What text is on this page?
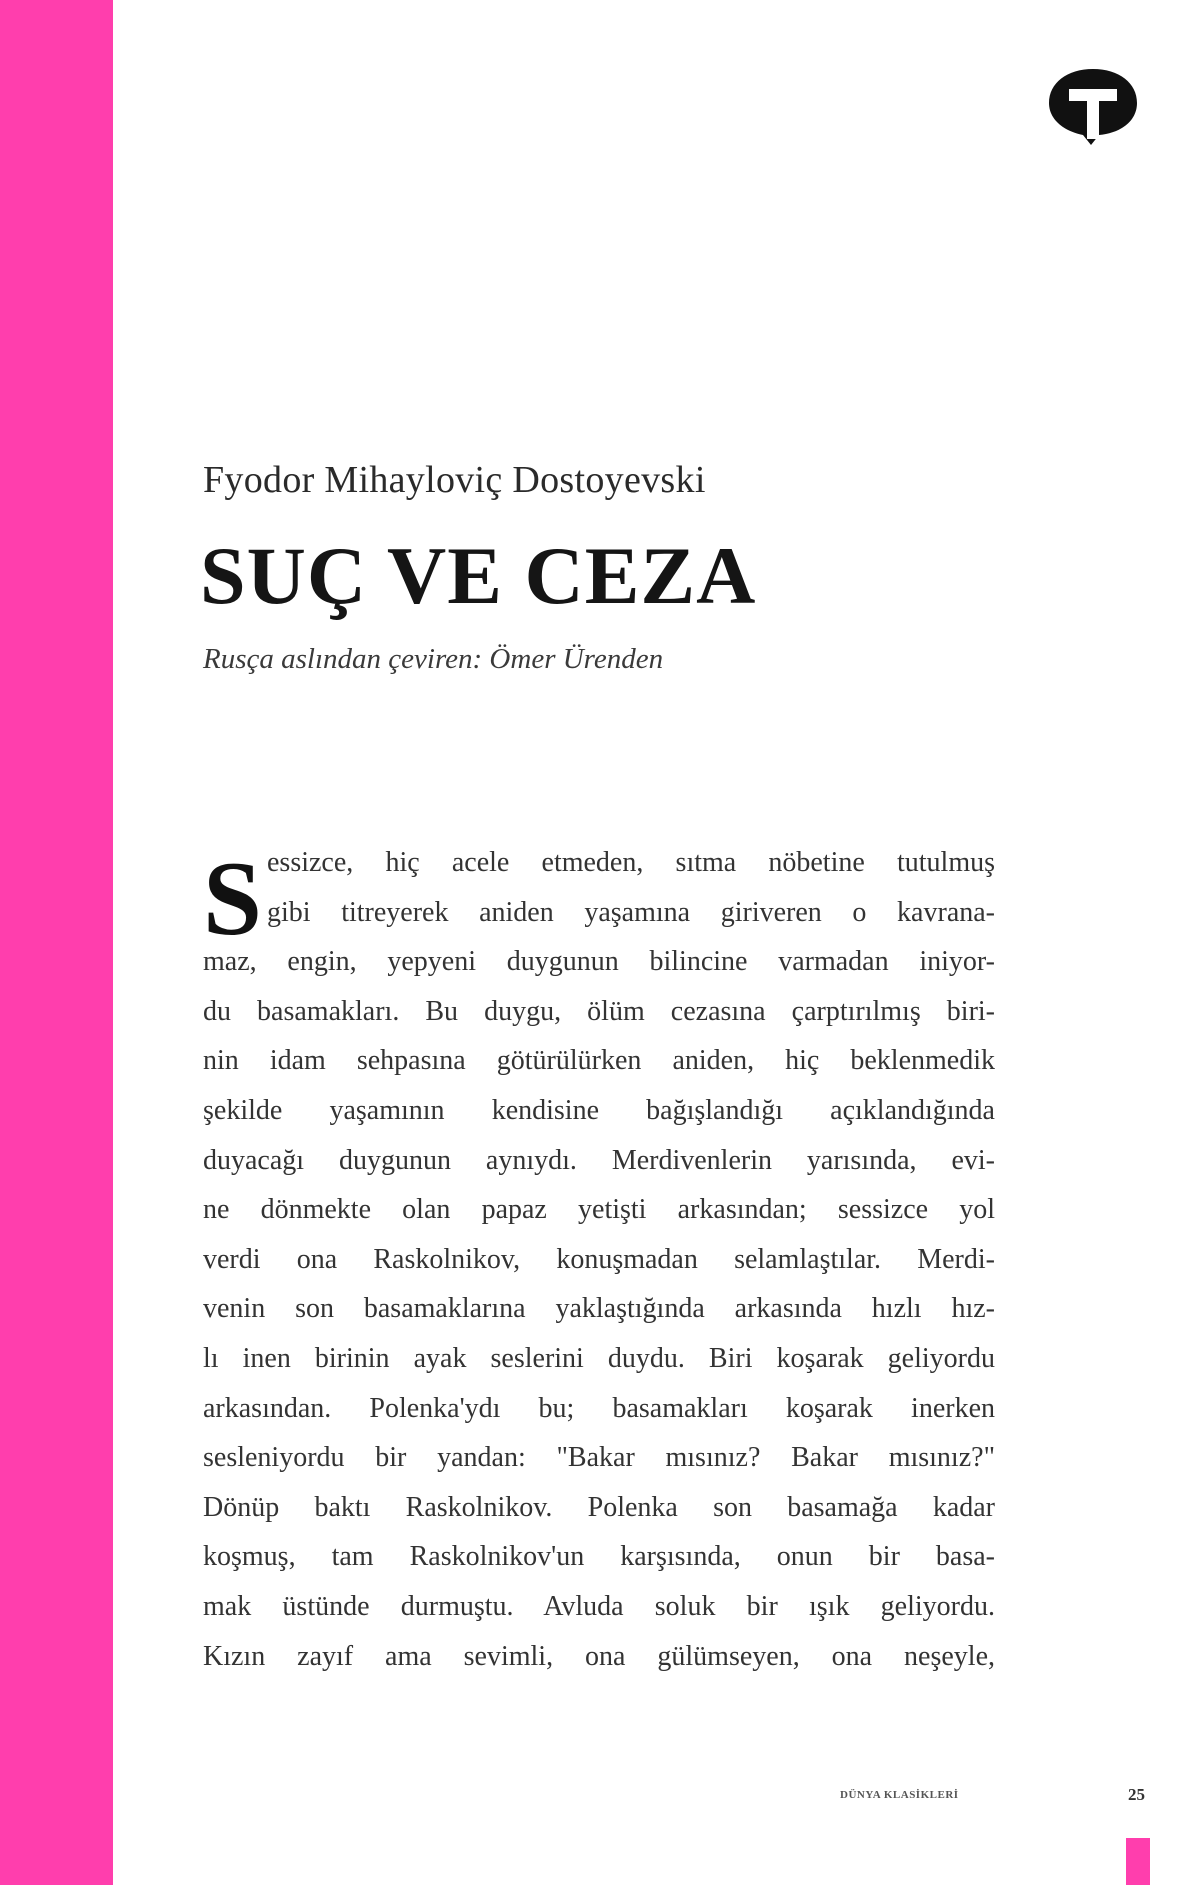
Fyodor Mihayloviç Dostoyevski
SUÇ VE CEZA
Rusça aslından çeviren: Ömer Ürenden
S essizce, hiç acele etmeden, sıtma nöbetine tutulmuş
gibi titreyerek aniden yaşamına giriveren o kavrana-
maz, engin, yepyeni duygunun bilincine varmadan iniyor-
du basamakları. Bu duygu, ölüm cezasına çarptırılmış biri-
nin idam sehpasına götürülürken aniden, hiç beklenmedik
şekilde yaşamının kendisine bağışlandığı açıklandığında
duyacağı duygunun aynıydı. Merdivenlerin yarısında, evi-
ne dönmekte olan papaz yetişti arkasından; sessizce yol
verdi ona Raskolnikov, konuşmadan selamlaştılar. Merdi-
venin son basamaklarına yaklaştığında arkasında hızlı hız-
lı inen birinin ayak seslerini duydu. Biri koşarak geliyordu
arkasından. Polenka'ydı bu; basamakları koşarak inerken
sesleniyordu bir yandan: "Bakar mısınız? Bakar mısınız?"
Dönüp baktı Raskolnikov. Polenka son basamağa kadar
koşmuş, tam Raskolnikov'un karşısında, onun bir basa-
mak üstünde durmuştu. Avluda soluk bir ışık geliyordu.
Kızın zayıf ama sevimli, ona gülümseyen, ona neşeyle,
DÜNYA KLASİKLERİ	25
